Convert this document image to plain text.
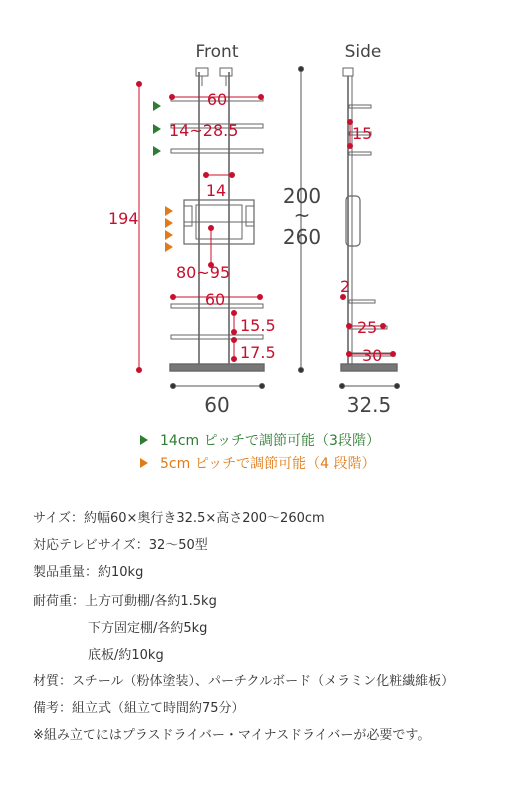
Front	Side
60
14~28.5
14
194
80~95
60
15.5
17.5
15
2
25
30
200
~
260
60	32.5
14cm ピッチで調節可能（3段階）
5cm ピッチで調節可能（4 段階）
サイズ：約幅60×奥行き32.5×高さ200〜260cm
対応テレビサイズ：32〜50型
製品重量：約10kg
耐荷重：上方可動棚/各約1.5kg
下方固定棚/各約5kg
底板/約10kg
材質：スチール（粉体塗装）、パーチクルボード（メラミン化粧繊維板）
備考：組立式（組立て時間約75分）
※組み立てにはプラスドライバー・マイナスドライバーが必要です。
